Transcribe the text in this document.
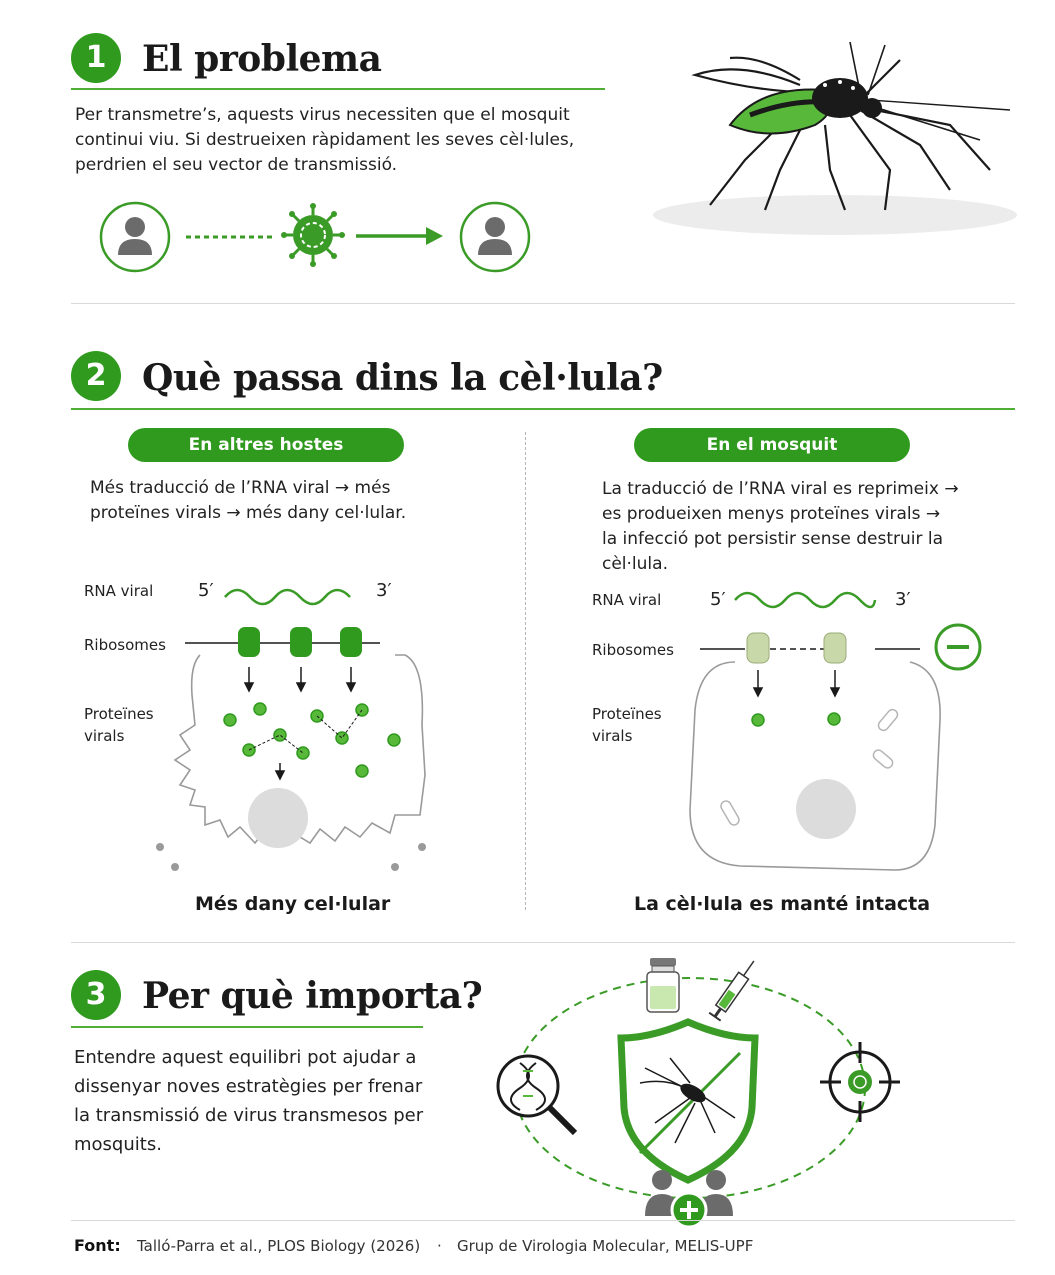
1 El problema
Per transmetre’s, aquests virus necessiten que el mosquit continui viu. Si destrueixen ràpidament les seves cèl·lules, perdrien el seu vector de transmissió.
2 Què passa dins la cèl·lula?
En altres hostes
Més traducció de l’RNA viral → més proteïnes virals → més dany cel·lular.
RNA viral 5′	3′
Ribosomes
Proteïnes
virals
Més dany cel·lular
En el mosquit
La traducció de l’RNA viral es reprimeix → es produeixen menys proteïnes virals → la infecció pot persistir sense destruir la cèl·lula.
RNA viral	5′	3′
Ribosomes
Proteïnes
virals
La cèl·lula es manté intacta
3 Per què importa?
Entendre aquest equilibri pot ajudar a dissenyar noves estratègies per frenar la transmissió de virus transmesos per mosquits.
Font: Talló-Parra et al., PLOS Biology (2026) · Grup de Virologia Molecular, MELIS-UPF
